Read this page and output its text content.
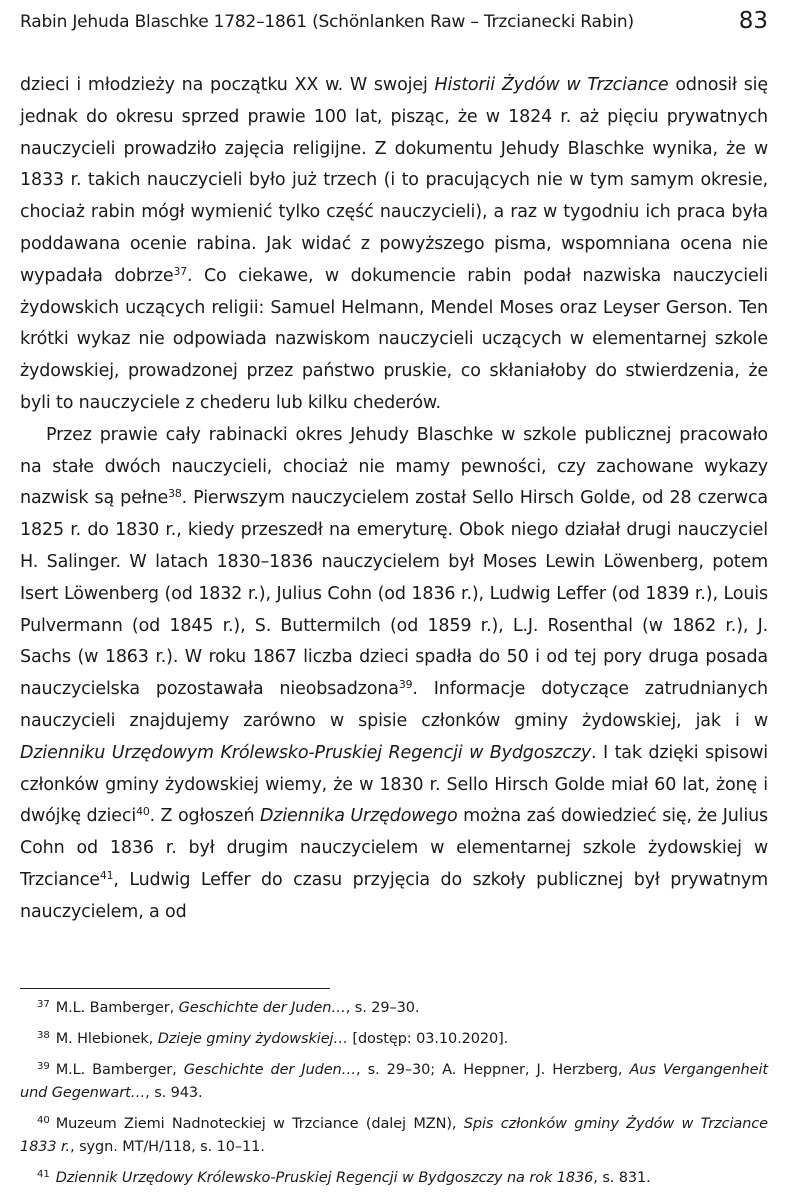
Rabin Jehuda Blaschke 1782–1861 (Schönlanken Raw – Trzcianecki Rabin)	83

dzieci i młodzieży na początku XX w. W swojej Historii Żydów w Trzciance odnosił się jednak do okresu sprzed prawie 100 lat, pisząc, że w 1824 r. aż pięciu prywatnych nauczycieli prowadziło zajęcia religijne. Z dokumentu Jehudy Blaschke wynika, że w 1833 r. takich nauczycieli było już trzech (i to pracujących nie w tym samym okresie, chociaż rabin mógł wymienić tylko część nauczycieli), a raz w tygodniu ich praca była poddawana ocenie rabina. Jak widać z powyższego pisma, wspomniana ocena nie wypadała dobrze$^{37}$. Co ciekawe, w dokumencie rabin podał nazwiska nauczycieli żydowskich uczących religii: Samuel Helmann, Mendel Moses oraz Leyser Gerson. Ten krótki wykaz nie odpowiada nazwiskom nauczycieli uczących w elementarnej szkole żydowskiej, prowadzonej przez państwo pruskie, co skłaniałoby do stwierdzenia, że byli to nauczyciele z chederu lub kilku chederów.

Przez prawie cały rabinacki okres Jehudy Blaschke w szkole publicznej pracowało na stałe dwóch nauczycieli, chociaż nie mamy pewności, czy zachowane wykazy nazwisk są pełne$^{38}$. Pierwszym nauczycielem został Sello Hirsch Golde, od 28 czerwca 1825 r. do 1830 r., kiedy przeszedł na emeryturę. Obok niego działał drugi nauczyciel H. Salinger. W latach 1830–1836 nauczycielem był Moses Lewin Löwenberg, potem Isert Löwenberg (od 1832 r.), Julius Cohn (od 1836 r.), Ludwig Leffer (od 1839 r.), Louis Pulvermann (od 1845 r.), S. Buttermilch (od 1859 r.), L.J. Rosenthal (w 1862 r.), J. Sachs (w 1863 r.). W roku 1867 liczba dzieci spadła do 50 i od tej pory druga posada nauczycielska pozostawała nieobsadzona$^{39}$. Informacje dotyczące zatrudnianych nauczycieli znajdujemy zarówno w spisie członków gminy żydowskiej, jak i w Dzienniku Urzędowym Królewsko-Pruskiej Regencji w Bydgoszczy. I tak dzięki spisowi członków gminy żydowskiej wiemy, że w 1830 r. Sello Hirsch Golde miał 60 lat, żonę i dwójkę dzieci$^{40}$. Z ogłoszeń Dziennika Urzędowego można zaś dowiedzieć się, że Julius Cohn od 1836 r. był drugim nauczycielem w elementarnej szkole żydowskiej w Trzciance$^{41}$, Ludwig Leffer do czasu przyjęcia do szkoły publicznej był prywatnym nauczycielem, a od

$^{37}$ M.L. Bamberger, Geschichte der Juden…, s. 29–30.

$^{38}$ M. Hlebionek, Dzieje gminy żydowskiej… [dostęp: 03.10.2020].

$^{39}$ M.L. Bamberger, Geschichte der Juden…, s. 29–30; A. Heppner, J. Herzberg, Aus Vergangenheit und Gegenwart…, s. 943.

$^{40}$ Muzeum Ziemi Nadnoteckiej w Trzciance (dalej MZN), Spis członków gminy Żydów w Trzciance 1833 r., sygn. MT/H/118, s. 10–11.

$^{41}$ Dziennik Urzędowy Królewsko-Pruskiej Regencji w Bydgoszczy na rok 1836, s. 831.
